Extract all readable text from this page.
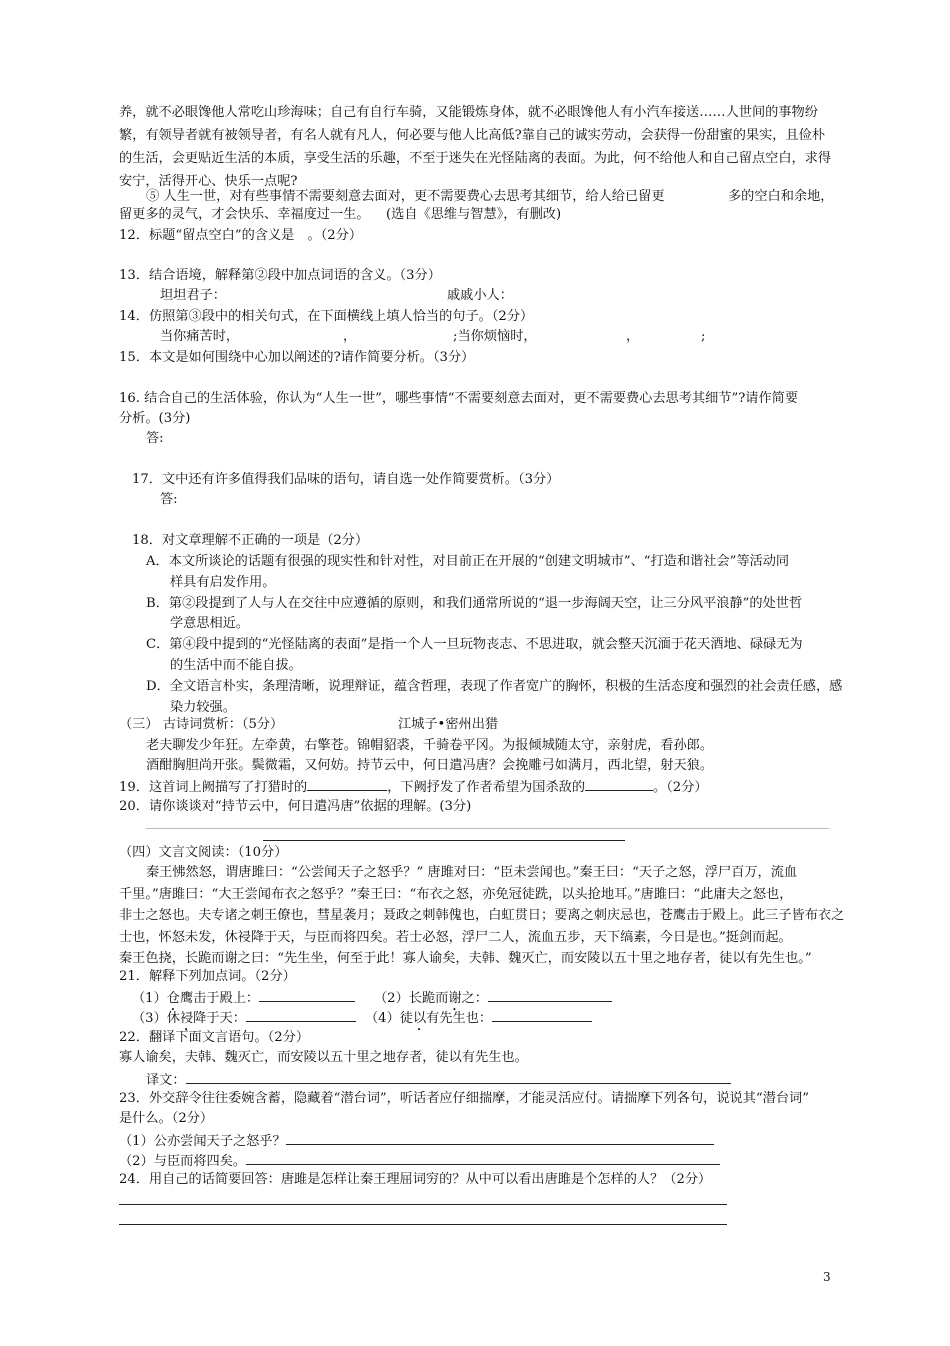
养，就不必眼馋他人常吃山珍海味；自己有自行车骑，又能锻炼身体，就不必眼馋他人有小汽车接送……人世间的事物纷
繁，有领导者就有被领导者，有名人就有凡人，何必要与他人比高低?靠自己的诚实劳动，会获得一份甜蜜的果实，且俭朴
的生活，会更贴近生活的本质，享受生活的乐趣，不至于迷失在光怪陆离的表面。为此，何不给他人和自己留点空白，求得
安宁，活得开心、快乐一点呢?
⑤ 人生一世，对有些事情不需要刻意去面对，更不需要费心去思考其细节，给人给已留更	多的空白和余地，
留更多的灵气，才会快乐、幸福度过一生。 (选自《思维与智慧》，有删改)
12．标题“留点空白”的含义是　。（2分）
13．结合语境，解释第②段中加点词语的含义。（3分）
坦坦君子：	戚戚小人：
14．仿照第③段中的相关句式，在下面横线上填人恰当的句子。（2分）
当你痛苦时，	，	;当你烦恼时，	，	;
15．本文是如何围绕中心加以阐述的?请作简要分析。（3分）
16. 结合自己的生活体验，你认为“人生一世”，哪些事情“不需要刻意去面对，更不需要费心去思考其细节”?请作简要
分析。(3分)
答:
17．文中还有许多值得我们品味的语句，请自选一处作简要赏析。（3分）
答:
18．对文章理解不正确的一项是（2分）
A．本文所谈论的话题有很强的现实性和针对性，对目前正在开展的“创建文明城市”、“打造和谐社会”等活动同
样具有启发作用。
B．第②段提到了人与人在交往中应遵循的原则，和我们通常所说的“退一步海阔天空，让三分风平浪静”的处世哲
学意思相近。
C．第④段中提到的“光怪陆离的表面”是指一个人一旦玩物丧志、不思进取，就会整天沉湎于花天酒地、碌碌无为
的生活中而不能自拔。
D．全文语言朴实，条理清晰，说理辩证，蕴含哲理，表现了作者宽广的胸怀，积极的生活态度和强烈的社会责任感，感
染力较强。
（三） 古诗词赏析：（5分）	江城子•密州出猎
老夫聊发少年狂。左牵黄，右擎苍。锦帽貂裘，千骑卷平冈。为报倾城随太守，亲射虎，看孙郎。
酒酣胸胆尚开张。鬓微霜，又何妨。持节云中，何日遣冯唐？会挽雕弓如满月，西北望，射天狼。
19．这首词上阙描写了打猎时的	，下阙抒发了作者希望为国杀敌的	。（2分）
20．请你谈谈对“持节云中，何日遣冯唐”依据的理解。(3分)
（四）文言文阅读：（10分）
秦王怫然怒，谓唐雎曰：“公尝闻天子之怒乎？” 唐雎对曰：“臣未尝闻也。”秦王曰：“天子之怒，浮尸百万，流血
千里。”唐雎曰：“大王尝闻布衣之怒乎？”秦王曰：“布衣之怒，亦免冠徒跣，以头抢地耳。”唐雎曰：“此庸夫之怒也，
非士之怒也。夫专诸之刺王僚也，彗星袭月；聂政之刺韩傀也，白虹贯日；要离之刺庆忌也，苍鹰击于殿上。此三子皆布衣之
士也，怀怒未发，休祲降于天，与臣而将四矣。若士必怒，浮尸二人，流血五步，天下缟素，今日是也。”挺剑而起。
秦王色挠，长跪而谢之曰：“先生坐，何至于此！寡人谕矣，夫韩、魏灭亡，而安陵以五十里之地存者，徒以有先生也。”
21．解释下列加点词。（2分）
（1）仓鹰击于殿上：	（2）长跪而谢之：
（3）休祲降于天：	（4）徒以有先生也：
22．翻译下面文言语句。（2分）
寡人谕矣，夫韩、魏灭亡，而安陵以五十里之地存者，徒以有先生也。
译文：
23．外交辞令往往委婉含蓄，隐藏着“潜台词”，听话者应仔细揣摩，才能灵活应付。请揣摩下列各句，说说其“潜台词”
是什么。（2分）
（1）公亦尝闻天子之怒乎？
（2）与臣而将四矣。
24．用自己的话简要回答：唐雎是怎样让秦王理屈词穷的？从中可以看出唐雎是个怎样的人？（2分）
3
